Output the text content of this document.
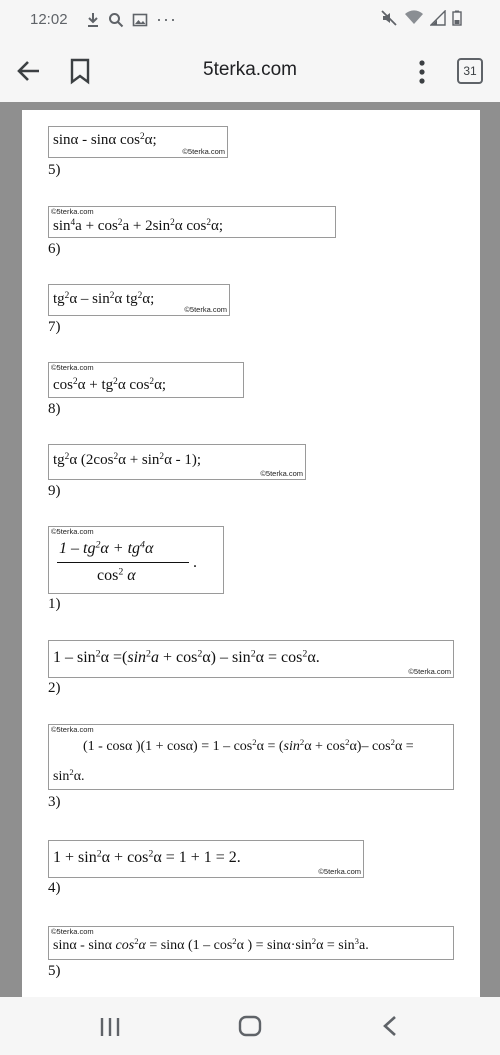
12:02	···
5terka.com	31
sinα - sinα $\cos^2\alpha$;
©5terka.com
5)
©5terka.com
$\sin^4a + \cos^2a + 2\sin^2\alpha$ $\cos^2\alpha$;
6)
$tg^2\alpha - \sin^2\alpha$ $tg^2\alpha$;
©5terka.com
7)
©5terka.com
$\cos^2\alpha + tg^2\alpha$ $\cos^2\alpha$;
8)
$tg^2\alpha$ $(2\cos^2\alpha + \sin^2\alpha - 1)$;
©5terka.com
9)
©5terka.com
$1 - tg^2\alpha + tg^4\alpha$
$\cos^2 \alpha$
.
1)
$1 - \sin^2\alpha =(\sin^2a + \cos^2\alpha) - \sin^2\alpha = \cos^2\alpha$.
©5terka.com
2)
©5terka.com
(1 - cosα )$(1 + \cos\alpha) = 1 - \cos^2\alpha = (\sin^2\alpha + \cos^2\alpha)-$ $\cos^2\alpha$ =
$\sin^2\alpha$.
3)
$1 + \sin^2\alpha + \cos^2\alpha = 1 + 1 = 2$.
©5terka.com
4)
©5terka.com
sinα - sinα $\cos^2\alpha = \sin\alpha$ ($1 - \cos^2\alpha$ ) = $\sin\alpha\cdot\sin^2\alpha = \sin^3a$.
5)
